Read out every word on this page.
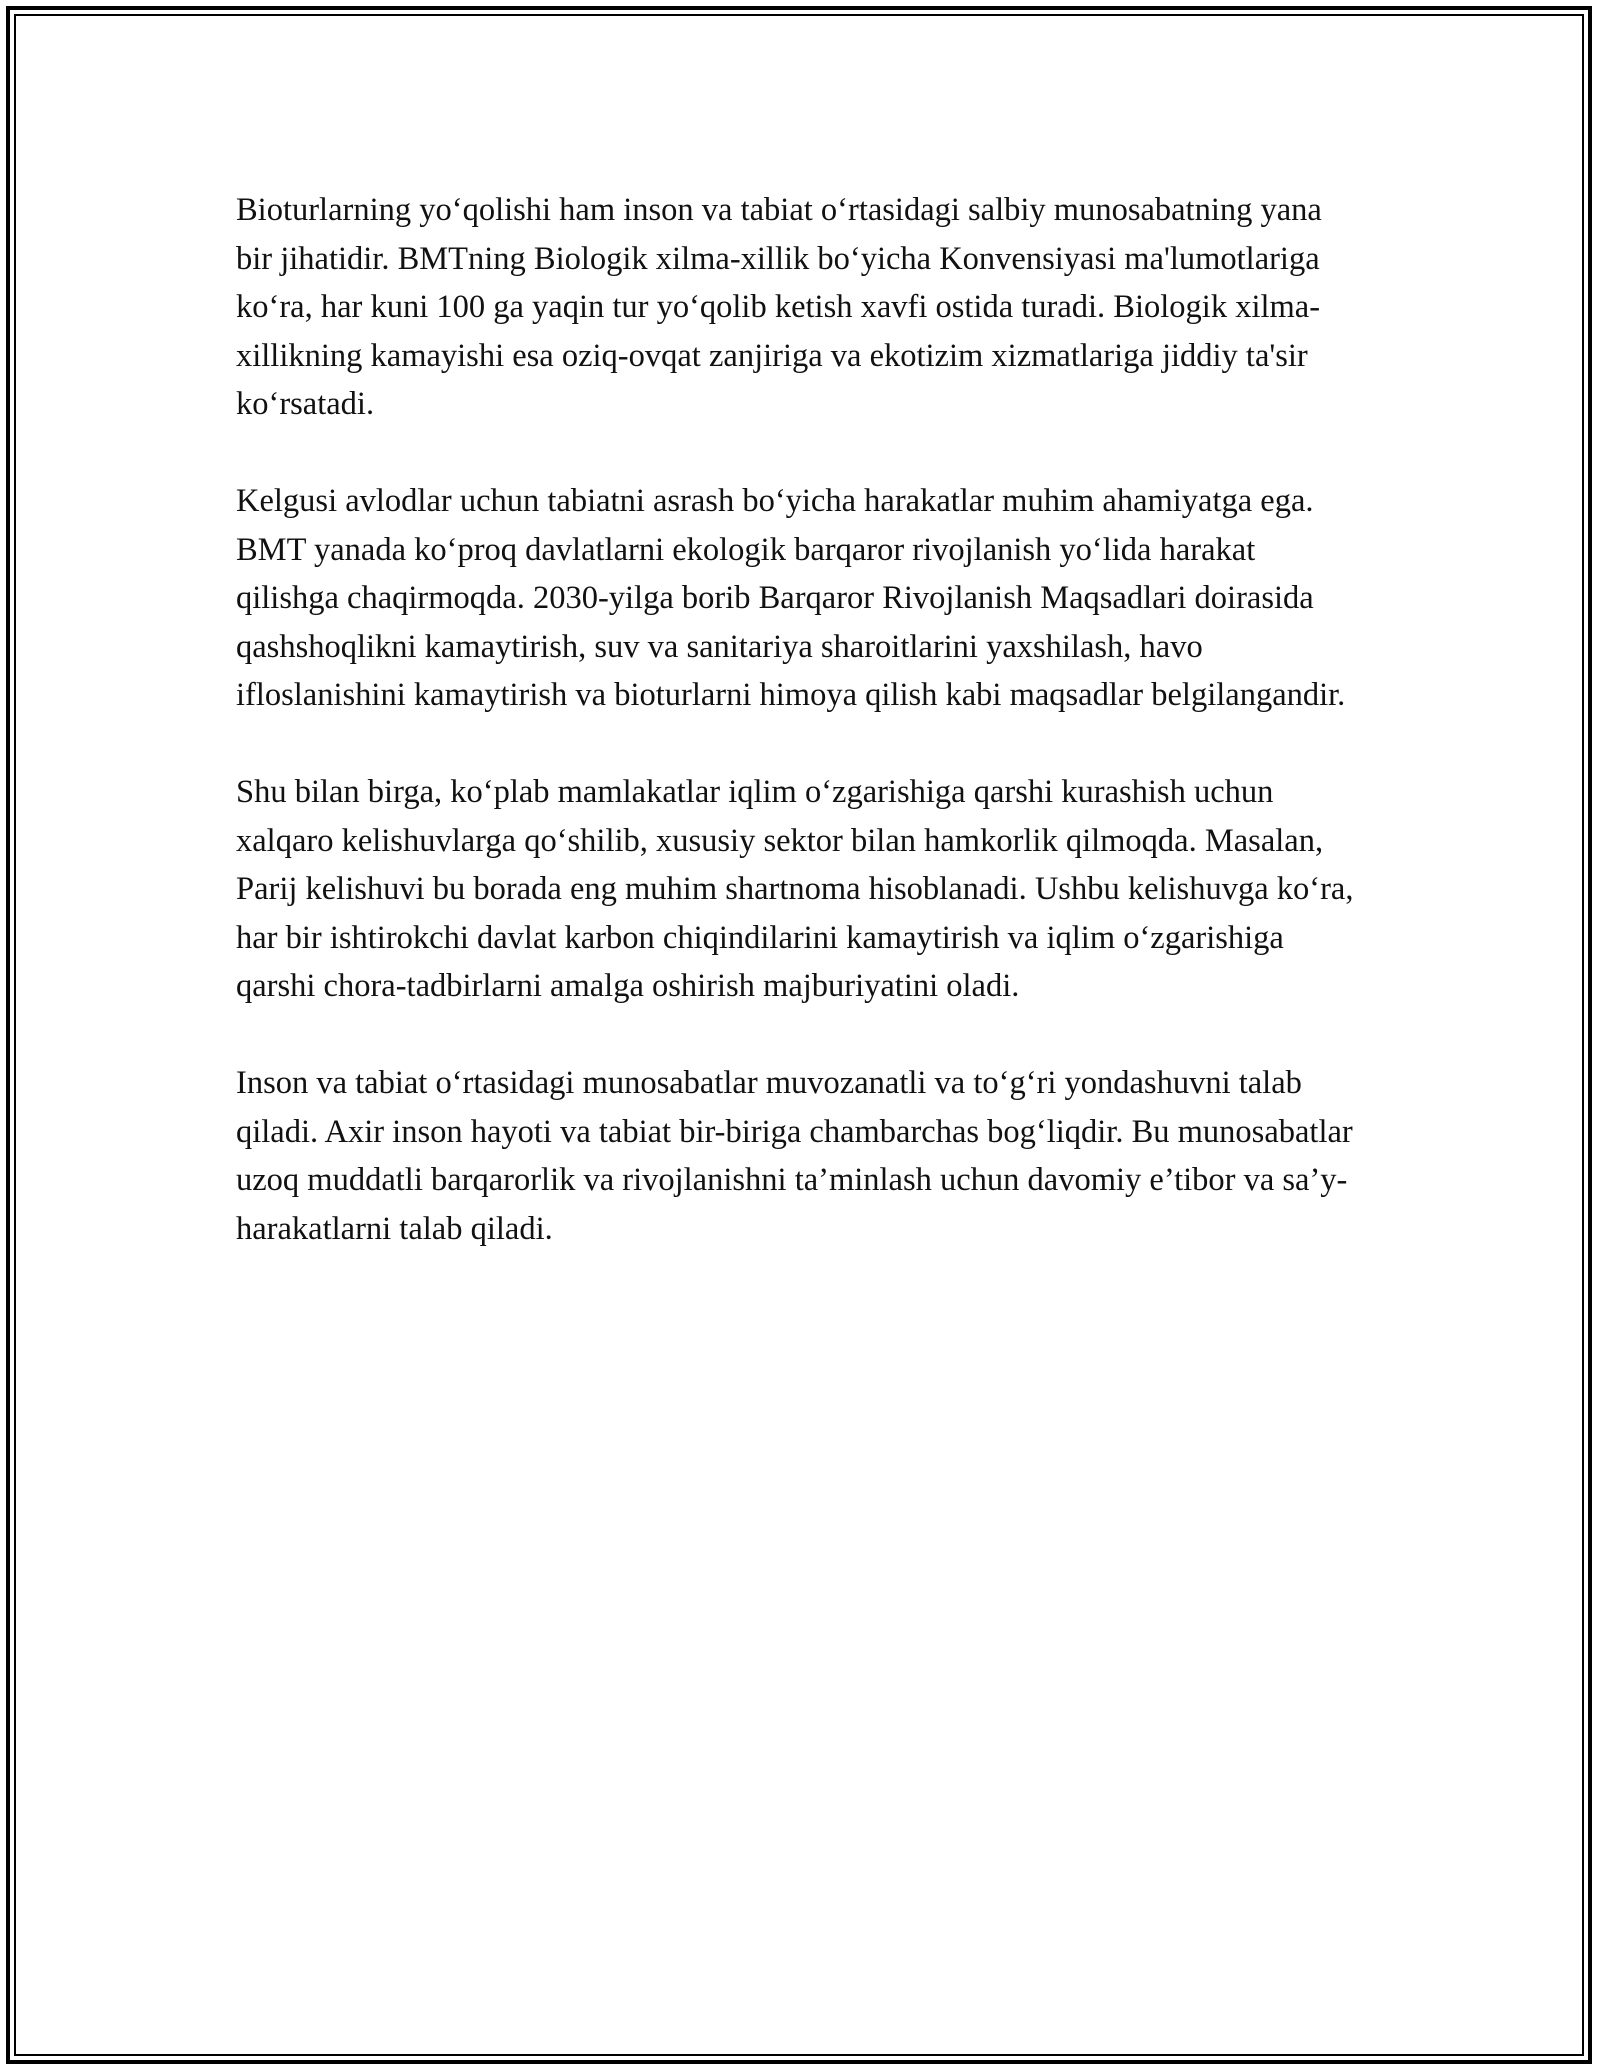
Bioturlarning yo‘qolishi ham inson va tabiat o‘rtasidagi salbiy munosabatning yana bir jihatidir. BMTning Biologik xilma-xillik bo‘yicha Konvensiyasi ma'lumotlariga ko‘ra, har kuni 100 ga yaqin tur yo‘qolib ketish xavfi ostida turadi. Biologik xilma-xillikning kamayishi esa oziq-ovqat zanjiriga va ekotizim xizmatlariga jiddiy ta'sir ko‘rsatadi.

Kelgusi avlodlar uchun tabiatni asrash bo‘yicha harakatlar muhim ahamiyatga ega. BMT yanada ko‘proq davlatlarni ekologik barqaror rivojlanish yo‘lida harakat qilishga chaqirmoqda. 2030-yilga borib Barqaror Rivojlanish Maqsadlari doirasida qashshoqlikni kamaytirish, suv va sanitariya sharoitlarini yaxshilash, havo ifloslanishini kamaytirish va bioturlarni himoya qilish kabi maqsadlar belgilangandir.

Shu bilan birga, ko‘plab mamlakatlar iqlim o‘zgarishiga qarshi kurashish uchun xalqaro kelishuvlarga qo‘shilib, xususiy sektor bilan hamkorlik qilmoqda. Masalan, Parij kelishuvi bu borada eng muhim shartnoma hisoblanadi. Ushbu kelishuvga ko‘ra, har bir ishtirokchi davlat karbon chiqindilarini kamaytirish va iqlim o‘zgarishiga qarshi chora-tadbirlarni amalga oshirish majburiyatini oladi.

Inson va tabiat o‘rtasidagi munosabatlar muvozanatli va to‘g‘ri yondashuvni talab qiladi. Axir inson hayoti va tabiat bir-biriga chambarchas bog‘liqdir. Bu munosabatlar uzoq muddatli barqarorlik va rivojlanishni ta’minlash uchun davomiy e’tibor va sa’y-harakatlarni talab qiladi.
